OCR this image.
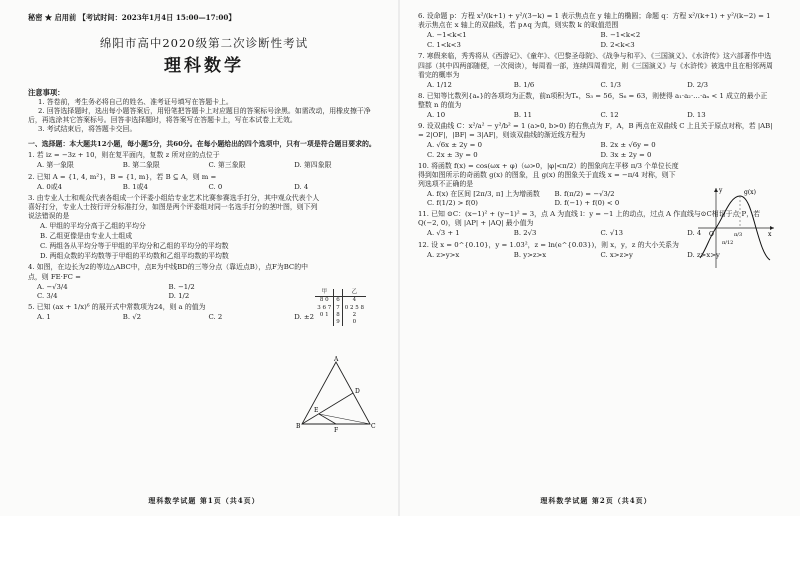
秘密 ★ 启用前 【考试时间：2023年1月4日 15:00—17:00】
绵阳市高中2020级第二次诊断性考试
理科数学
注意事项：

1. 答卷前，考生务必将自己的姓名、准考证号填写在答题卡上。

2. 回答选择题时，选出每小题答案后，用铅笔把答题卡上对应题目的答案标号涂黑。如需改动，用橡皮擦干净后，再选涂其它答案标号。回答非选择题时，将答案写在答题卡上，写在本试卷上无效。

3. 考试结束后，将答题卡交回。

一、选择题：本大题共12小题，每小题5分，共60分。在每小题给出的四个选项中，只有一项是符合题目要求的。
1. 若 iz = −3z + 10，则在复平面内，复数 z 所对应的点位于
A. 第一象限	B. 第二象限	C. 第三象限	D. 第四象限
2. 已知 A = {1, 4, m²}，B = {1, m}，若 B ⊆ A，则 m =
A. 0或4	B. 1或4	C. 0	D. 4
3. 由专业人士和观众代表各组成一个评委小组给专业艺术比赛参赛选手打分，其中观众代表个人喜好打分，专业人士按行评分标准打分，如图是两个评委组对同一名选手打分的茎叶图，则下列说法错误的是
A. 甲组的平均分高于乙组的平均分
B. 乙组更像是由专业人士组成
C. 两组各从平均分等于甲组的平均分和乙组的平均分的平均数
D. 两组众数的平均数等于甲组的平均数和乙组平均数的平均数
甲		乙
8 0	6	4
3 6 7	7	0 2 5 8
0 1	8	2
	9	0
4. 如图，在边长为2的等边△ABC中，点E为中线BD的三等分点（靠近点B），点F为BC的中点，则 FE·FC =
A. −√3/4	B. −1/2
C. 3/4	D. 1/2
A
B	C
D
E
F
5. 已知 (ax + 1/x)⁶ 的展开式中常数项为24，则 a 的值为
A. 1	B. √2	C. 2	D. ±2
理科数学试题 第1页（共4页）
6. 设命题 p：方程 x²/(k+1) + y²/(3−k) = 1 表示焦点在 y 轴上的椭圆；命题 q：方程 x²/(k+1) + y²/(k−2) = 1 表示焦点在 x 轴上的双曲线，若 p∧q 为真，则实数 k 的取值范围
A. −1<k<1	B. −1<k<2
C. 1<k<3	D. 2<k<3
7. 寒假来临，秀秀将从《西游记》、《童年》、《巴黎圣母院》、《战争与和平》、《三国演义》、《水浒传》这六部著作中选四部（其中四两部随便，一次阅读），每周看一部，连续四周看完，则《三国演义》与《水浒传》被选中且在相邻两周看完的概率为
A. 1/12	B. 1/6	C. 1/3	D. 2/3
8. 已知等比数列{aₙ}的各项均为正数，前n项积为Tₙ，S₃ = 56，S₆ = 63，则使得 a₁·a₂·…·aₙ < 1 成立的最小正整数 n 的值为
A. 10	B. 11	C. 12	D. 13
9. 设双曲线 C：x²/a² − y²/b² = 1 (a>0, b>0) 的右焦点为 F，A，B 两点在双曲线 C 上且关于原点对称，若 |AB| = 2|OF|，|BF| = 3|AF|，则该双曲线的渐近线方程为
A. √6x ± 2y = 0	B. 2x ± √6y = 0
C. 2x ± 3y = 0	D. 3x ± 2y = 0
10. 将函数 f(x) = cos(ωx + φ)（ω>0，|φ|<π/2）的图象向左平移 π/3 个单位长度得到如图所示的奇函数 g(x) 的图象，且 g(x) 的图象关于直线 x = −π/4 对称，则下列选项不正确的是
A. f(x) 在区间 [2π/3, π] 上为增函数	B. f(π/2) = −√3/2
C. f(1/2) > f(0)	D. f(−1) + f(0) < 0
y	g(x)
O	x
π/3
π/12
11. 已知 ⊙C：(x−1)² + (y−1)² = 3，点 A 为直线 l：y = −1 上的动点，过点 A 作直线与⊙C相切于点 P，若 Q(−2, 0)，则 |AP| + |AQ| 最小值为
A. √3 + 1	B. 2√3	C. √13	D. 4
12. 设 x = 0^{0.10}，y = 1.03²，z = ln(e^{0.03})，则 x，y，z 的大小关系为
A. z>y>x	B. y>z>x	C. x>z>y	D. z>x>y
理科数学试题 第2页（共4页）
